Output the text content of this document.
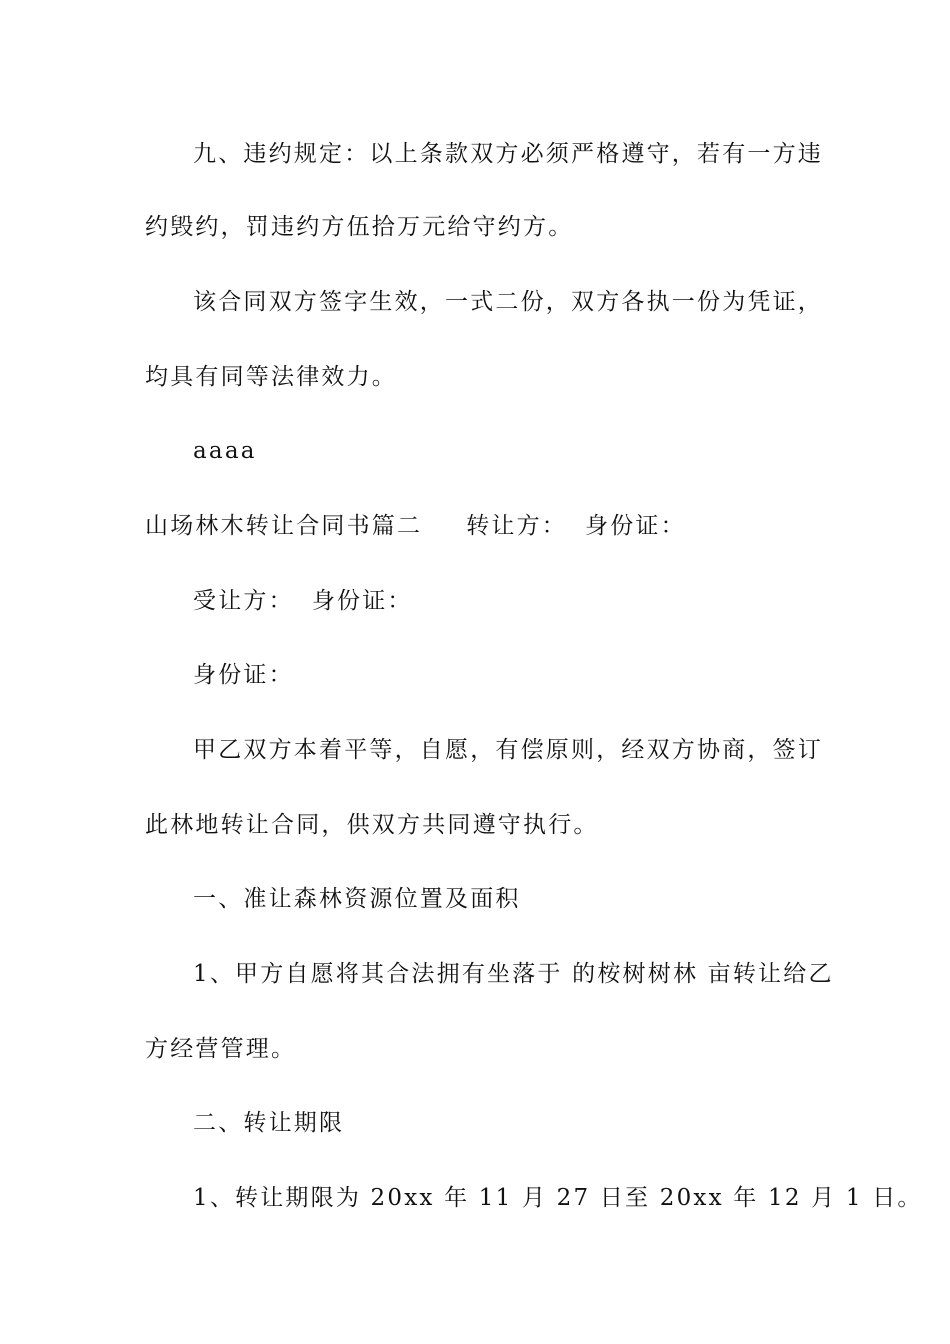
九、违约规定：以上条款双方必须严格遵守，若有一方违
约毁约，罚违约方伍拾万元给守约方。
该合同双方签字生效，一式二份，双方各执一份为凭证，
均具有同等法律效力。
aaaa
山场林木转让合同书篇二 转让方： 身份证：
受让方： 身份证：
身份证：
甲乙双方本着平等，自愿，有偿原则，经双方协商，签订
此林地转让合同，供双方共同遵守执行。
一、准让森林资源位置及面积
1、甲方自愿将其合法拥有坐落于 的桉树树林 亩转让给乙
方经营管理。
二、转让期限
1、转让期限为 20xx 年 11 月 27 日至 20xx 年 12 月 1 日。
